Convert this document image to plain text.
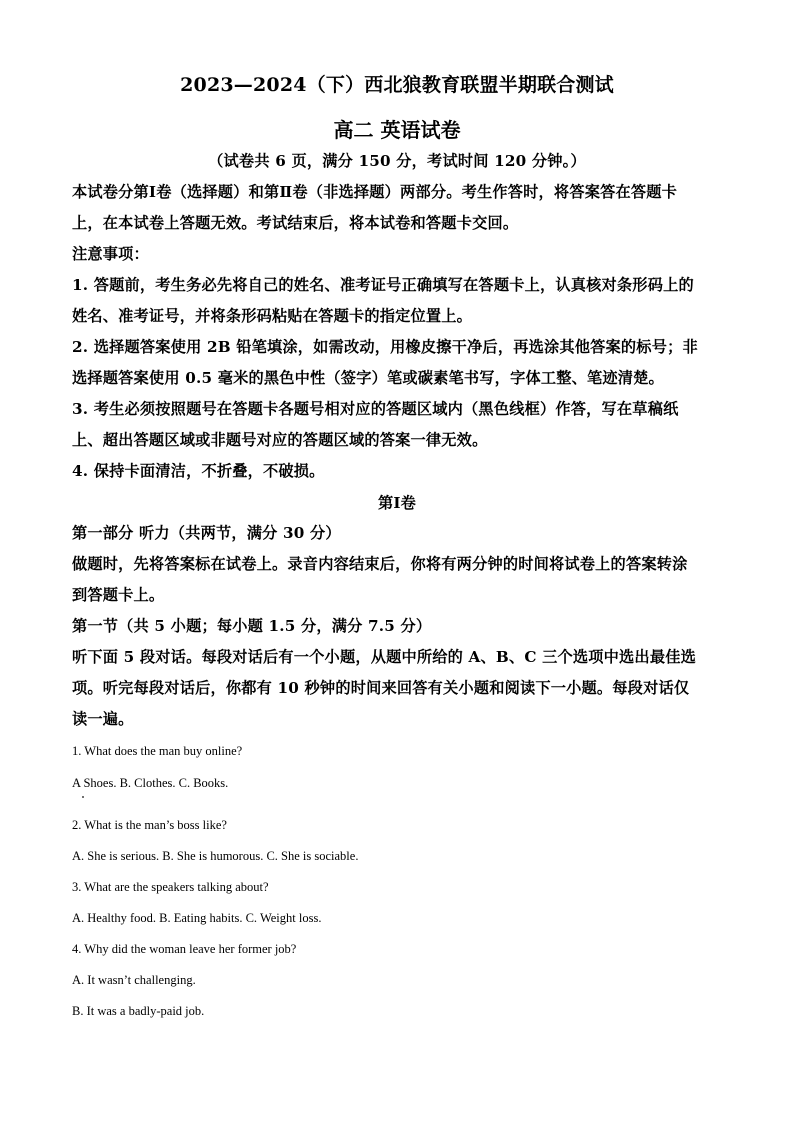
2023—2024（下）西北狼教育联盟半期联合测试
高二 英语试卷
（试卷共 6 页，满分 150 分，考试时间 120 分钟。）
本试卷分第Ⅰ卷（选择题）和第Ⅱ卷（非选择题）两部分。考生作答时，将答案答在答题卡
上，在本试卷上答题无效。考试结束后，将本试卷和答题卡交回。
注意事项：
1. 答题前，考生务必先将自己的姓名、准考证号正确填写在答题卡上，认真核对条形码上的
姓名、准考证号，并将条形码粘贴在答题卡的指定位置上。
2. 选择题答案使用 2B 铅笔填涂，如需改动，用橡皮擦干净后，再选涂其他答案的标号；非
选择题答案使用 0.5 毫米的黑色中性（签字）笔或碳素笔书写，字体工整、笔迹清楚。
3. 考生必须按照题号在答题卡各题号相对应的答题区域内（黑色线框）作答，写在草稿纸
上、超出答题区域或非题号对应的答题区域的答案一律无效。
4. 保持卡面清洁，不折叠，不破损。
第Ⅰ卷
第一部分 听力（共两节，满分 30 分）
做题时，先将答案标在试卷上。录音内容结束后，你将有两分钟的时间将试卷上的答案转涂
到答题卡上。
第一节（共 5 小题；每小题 1.5 分，满分 7.5 分）
听下面 5 段对话。每段对话后有一个小题，从题中所给的 A、B、C 三个选项中选出最佳选
项。听完每段对话后，你都有 10 秒钟的时间来回答有关小题和阅读下一小题。每段对话仅
读一遍。
1. What does the man buy online?
A Shoes. B. Clothes. C. Books.
2. What is the man’s boss like?
A. She is serious. B. She is humorous. C. She is sociable.
3. What are the speakers talking about?
A. Healthy food. B. Eating habits. C. Weight loss.
4. Why did the woman leave her former job?
A. It wasn’t challenging.
B. It was a badly-paid job.
